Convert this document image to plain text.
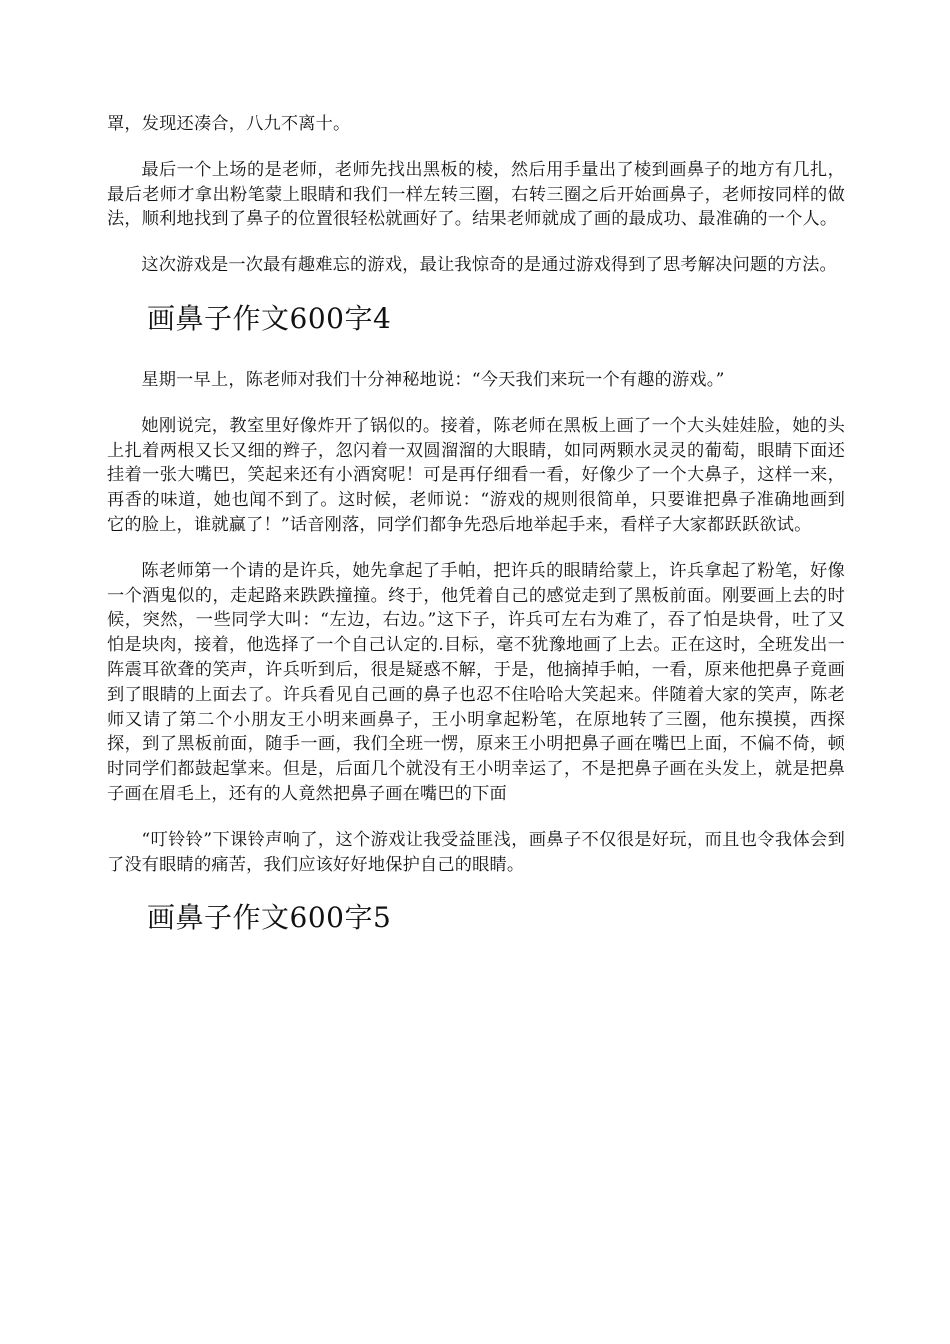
罩，发现还凑合，八九不离十。

最后一个上场的是老师，老师先找出黑板的棱，然后用手量出了棱到画鼻子的地方有几扎，最后老师才拿出粉笔蒙上眼睛和我们一样左转三圈，右转三圈之后开始画鼻子，老师按同样的做法，顺利地找到了鼻子的位置很轻松就画好了。结果老师就成了画的最成功、最准确的一个人。

这次游戏是一次最有趣难忘的游戏，最让我惊奇的是通过游戏得到了思考解决问题的方法。

画鼻子作文600字4

星期一早上，陈老师对我们十分神秘地说：“今天我们来玩一个有趣的游戏。”

她刚说完，教室里好像炸开了锅似的。接着，陈老师在黑板上画了一个大头娃娃脸，她的头上扎着两根又长又细的辫子，忽闪着一双圆溜溜的大眼睛，如同两颗水灵灵的葡萄，眼睛下面还挂着一张大嘴巴，笑起来还有小酒窝呢！可是再仔细看一看，好像少了一个大鼻子，这样一来，再香的味道，她也闻不到了。这时候，老师说：“游戏的规则很简单，只要谁把鼻子准确地画到它的脸上，谁就赢了！”话音刚落，同学们都争先恐后地举起手来，看样子大家都跃跃欲试。

陈老师第一个请的是许兵，她先拿起了手帕，把许兵的眼睛给蒙上，许兵拿起了粉笔，好像一个酒鬼似的，走起路来跌跌撞撞。终于，他凭着自己的感觉走到了黑板前面。刚要画上去的时候，突然，一些同学大叫：“左边，右边。”这下子，许兵可左右为难了，吞了怕是块骨，吐了又怕是块肉，接着，他选择了一个自己认定的.目标，毫不犹豫地画了上去。正在这时，全班发出一阵震耳欲聋的笑声，许兵听到后，很是疑惑不解，于是，他摘掉手帕，一看，原来他把鼻子竟画到了眼睛的上面去了。许兵看见自己画的鼻子也忍不住哈哈大笑起来。伴随着大家的笑声，陈老师又请了第二个小朋友王小明来画鼻子，王小明拿起粉笔，在原地转了三圈，他东摸摸，西探探，到了黑板前面，随手一画，我们全班一愣，原来王小明把鼻子画在嘴巴上面，不偏不倚，顿时同学们都鼓起掌来。但是，后面几个就没有王小明幸运了，不是把鼻子画在头发上，就是把鼻子画在眉毛上，还有的人竟然把鼻子画在嘴巴的下面

“叮铃铃”下课铃声响了，这个游戏让我受益匪浅，画鼻子不仅很是好玩，而且也令我体会到了没有眼睛的痛苦，我们应该好好地保护自己的眼睛。

画鼻子作文600字5
